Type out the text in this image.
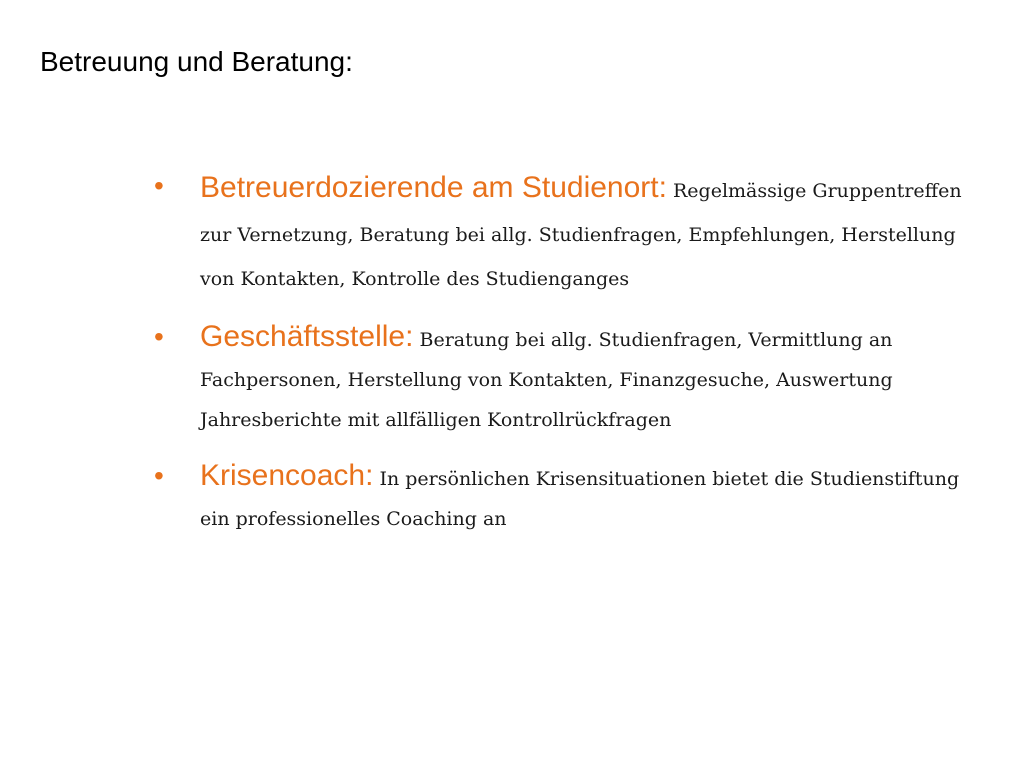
Betreuung und Beratung:
• Betreuerdozierende am Studienort: Regelmässige Gruppentreffen zur Vernetzung, Beratung bei allg. Studienfragen, Empfehlungen, Herstellung von Kontakten, Kontrolle des Studienganges

• Geschäftsstelle: Beratung bei allg. Studienfragen, Vermittlung an Fachpersonen, Herstellung von Kontakten, Finanzgesuche, Auswertung Jahresberichte mit allfälligen Kontrollrückfragen

• Krisencoach: In persönlichen Krisensituationen bietet die Studienstiftung ein professionelles Coaching an
